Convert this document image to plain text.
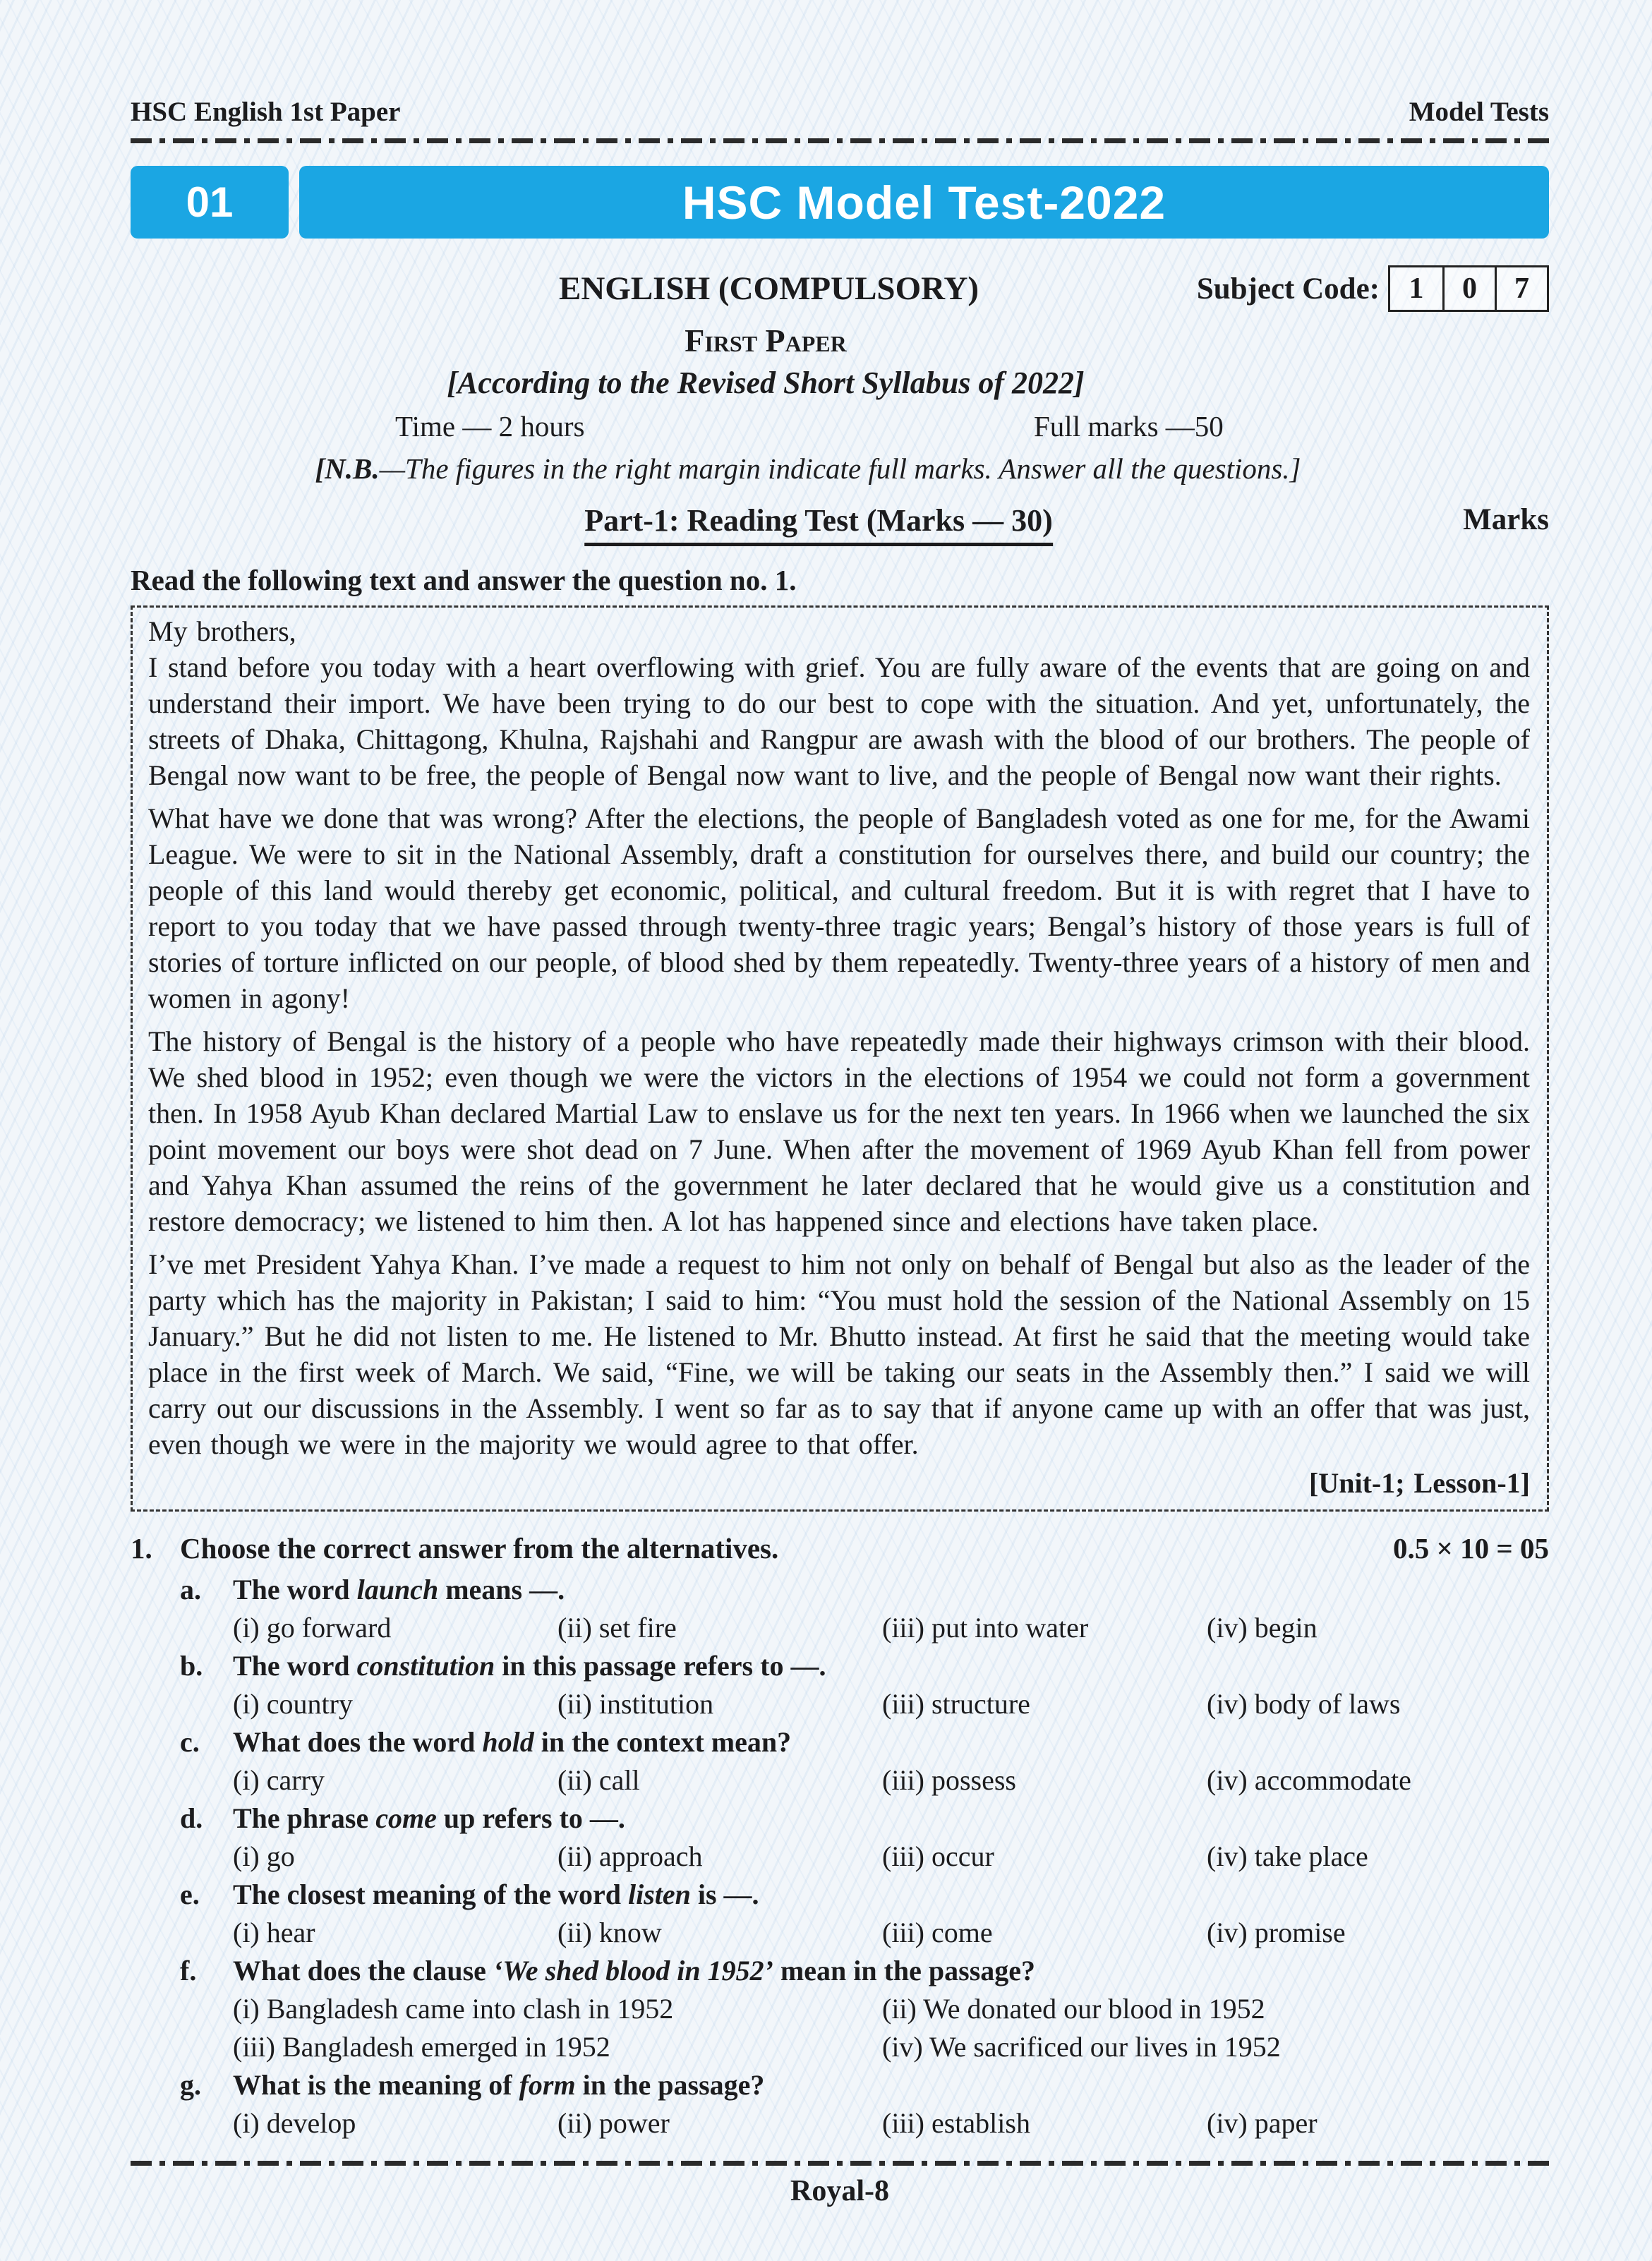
HSC English 1st Paper	Model Tests
01	HSC Model Test-2022
ENGLISH (COMPULSORY)	Subject Code: 1	0	7
First Paper
[According to the Revised Short Syllabus of 2022]
Time — 2 hours	Full marks —50
[N.B.—The figures in the right margin indicate full marks. Answer all the questions.]
Part-1: Reading Test (Marks — 30)	Marks
Read the following text and answer the question no. 1.
My brothers,

I stand before you today with a heart overflowing with grief. You are fully aware of the events that are going on and understand their import. We have been trying to do our best to cope with the situation. And yet, unfortunately, the streets of Dhaka, Chittagong, Khulna, Rajshahi and Rangpur are awash with the blood of our brothers. The people of Bengal now want to be free, the people of Bengal now want to live, and the people of Bengal now want their rights.

What have we done that was wrong? After the elections, the people of Bangladesh voted as one for me, for the Awami League. We were to sit in the National Assembly, draft a constitution for ourselves there, and build our country; the people of this land would thereby get economic, political, and cultural freedom. But it is with regret that I have to report to you today that we have passed through twenty-three tragic years; Bengal’s history of those years is full of stories of torture inflicted on our people, of blood shed by them repeatedly. Twenty-three years of a history of men and women in agony!

The history of Bengal is the history of a people who have repeatedly made their highways crimson with their blood. We shed blood in 1952; even though we were the victors in the elections of 1954 we could not form a government then. In 1958 Ayub Khan declared Martial Law to enslave us for the next ten years. In 1966 when we launched the six point movement our boys were shot dead on 7 June. When after the movement of 1969 Ayub Khan fell from power and Yahya Khan assumed the reins of the government he later declared that he would give us a constitution and restore democracy; we listened to him then. A lot has happened since and elections have taken place.

I’ve met President Yahya Khan. I’ve made a request to him not only on behalf of Bengal but also as the leader of the party which has the majority in Pakistan; I said to him: “You must hold the session of the National Assembly on 15 January.” But he did not listen to me. He listened to Mr. Bhutto instead. At first he said that the meeting would take place in the first week of March. We said, “Fine, we will be taking our seats in the Assembly then.” I said we will carry out our discussions in the Assembly. I went so far as to say that if anyone came up with an offer that was just, even though we were in the majority we would agree to that offer.

[Unit-1; Lesson-1]
1. Choose the correct answer from the alternatives.	0.5 × 10 = 05
a.	The word launch means —.
(i) go forward	(ii) set fire	(iii) put into water	(iv) begin
b.	The word constitution in this passage refers to —.
(i) country	(ii) institution	(iii) structure	(iv) body of laws
c.	What does the word hold in the context mean?
(i) carry	(ii) call	(iii) possess	(iv) accommodate
d.	The phrase come up refers to —.
(i) go	(ii) approach	(iii) occur	(iv) take place
e.	The closest meaning of the word listen is —.
(i) hear	(ii) know	(iii) come	(iv) promise
f.	What does the clause ‘We shed blood in 1952’ mean in the passage?
(i) Bangladesh came into clash in 1952	(ii) We donated our blood in 1952
(iii) Bangladesh emerged in 1952	(iv) We sacrificed our lives in 1952
g.	What is the meaning of form in the passage?
(i) develop	(ii) power	(iii) establish	(iv) paper
Royal-8
